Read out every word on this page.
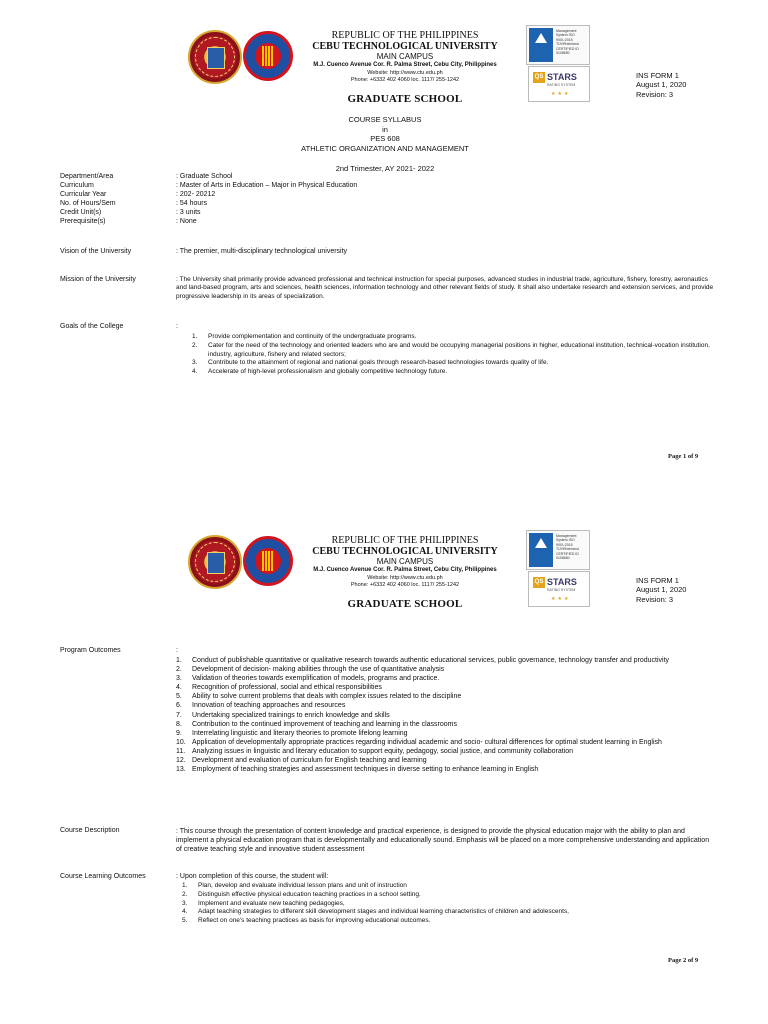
REPUBLIC OF THE PHILIPPINES
CEBU TECHNOLOGICAL UNIVERSITY
MAIN CAMPUS
M.J. Cuenco Avenue Cor. R. Palma Street, Cebu City, Philippines
Website: http://www.ctu.edu.ph
Phone: +6332 402 4060 loc. 1117/ 255-1242
GRADUATE SCHOOL
Management System ISO 9001:2015 TÜVRheinland CERTIFIED ID 9108650
QS STARS
RATING SYSTEM
★★★
INS FORM 1
August 1, 2020
Revision: 3
COURSE SYLLABUS
in
PES 608
ATHLETIC ORGANIZATION AND MANAGEMENT
2nd Trimester, AY 2021- 2022
Department/Area	: Graduate School
Curriculum	: Master of Arts in Education – Major in Physical Education
Curricular Year	: 202- 20212
No. of Hours/Sem	: 54 hours
Credit Unit(s)	: 3 units
Prerequisite(s)	: None
Vision of the University	: The premier, multi-disciplinary technological university
Mission of the University	: The University shall primarily provide advanced professional and technical instruction for special purposes, advanced studies in industrial trade, agriculture, fishery, forestry, aeronautics and land-based program, arts and sciences, health sciences, information technology and other relevant fields of study. It shall also undertake research and extension services, and provide progressive leadership in its areas of specialization.
Goals of the College	:
1. Provide complementation and continuity of the undergraduate programs.
2. Cater for the need of the technology and oriented leaders who are and would be occupying managerial positions in higher, educational institution, technical-vocation institution, industry, agriculture, fishery and related sectors;
3. Contribute to the attainment of regional and national goals through research-based technologies towards quality of life.
4. Accelerate of high-level professionalism and globally competitive technology future.
Page 1 of 9
REPUBLIC OF THE PHILIPPINES
CEBU TECHNOLOGICAL UNIVERSITY
MAIN CAMPUS
M.J. Cuenco Avenue Cor. R. Palma Street, Cebu City, Philippines
Website: http://www.ctu.edu.ph
Phone: +6332 402 4060 loc. 1117/ 255-1242
GRADUATE SCHOOL
Management System ISO 9001:2015 TÜVRheinland CERTIFIED ID 9108650
QS STARS
RATING SYSTEM
★★★
INS FORM 1
August 1, 2020
Revision: 3
Program Outcomes	:
1. Conduct of publishable quantitative or qualitative research towards authentic educational services, public governance, technology transfer and productivity
2. Development of decision- making abilities through the use of quantitative analysis
3. Validation of theories towards exemplification of models, programs and practice.
4. Recognition of professional, social and ethical responsibilities
5. Ability to solve current problems that deals with complex issues related to the discipline
6. Innovation of teaching approaches and resources
7. Undertaking specialized trainings to enrich knowledge and skills
8. Contribution to the continued improvement of teaching and learning in the classrooms
9. Interrelating linguistic and literary theories to promote lifelong learning
10. Application of developmentally appropriate practices regarding individual academic and socio- cultural differences for optimal student learning in English
11. Analyzing issues in linguistic and literary education to support equity, pedagogy, social justice, and community collaboration
12. Development and evaluation of curriculum for English teaching and learning
13. Employment of teaching strategies and assessment techniques in diverse setting to enhance learning in English
Course Description	: This course through the presentation of content knowledge and practical experience, is designed to provide the physical education major with the ability to plan and implement a physical education program that is developmentally and educationally sound. Emphasis will be placed on a more comprehensive understanding and application of creative teaching style and innovative student assessment
Course Learning Outcomes	: Upon completion of this course, the student will:
1. Plan, develop and evaluate individual lesson plans and unit of instruction
2. Distinguish effective physical education teaching practices in a school setting.
3. Implement and evaluate new teaching pedagogies,
4. Adapt teaching strategies to different skill development stages and individual learning characteristics of children and adolescents,
5. Reflect on one's teaching practices as basis for improving educational outcomes.
Page 2 of 9
